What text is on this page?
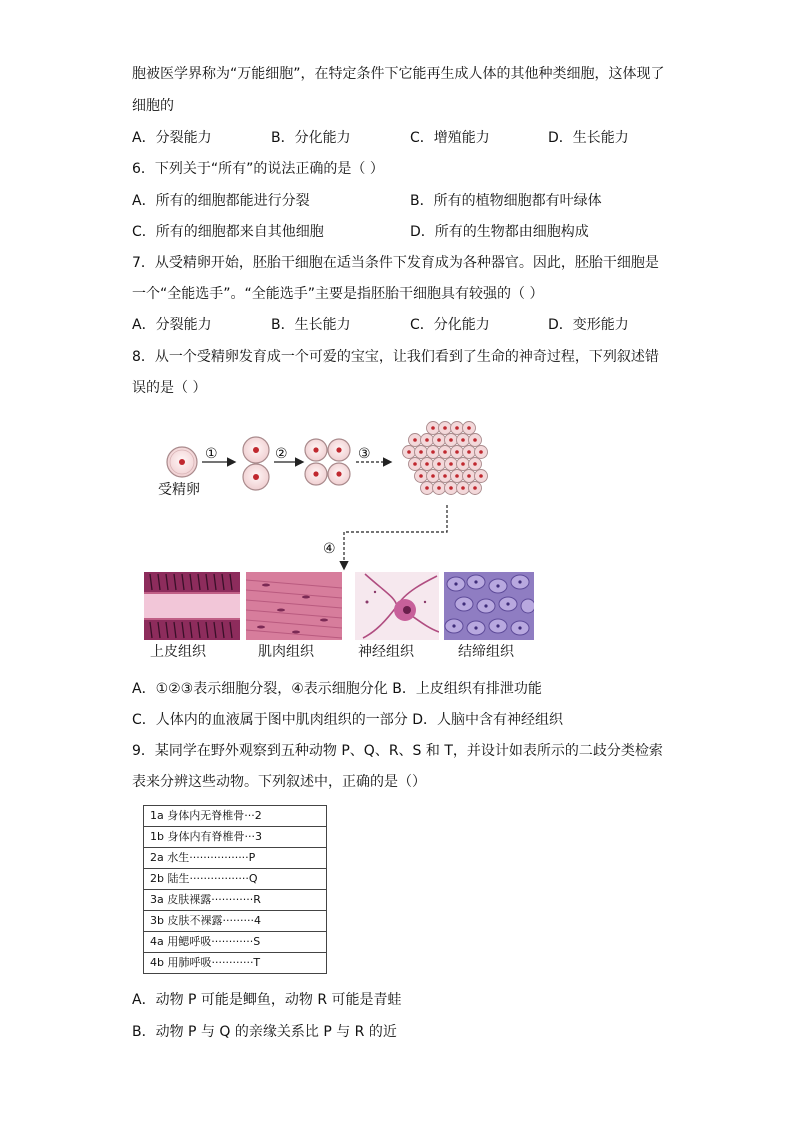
胞被医学界称为“万能细胞”，在特定条件下它能再生成人体的其他种类细胞，这体现了
细胞的
A．分裂能力	B．分化能力	C．增殖能力	D．生长能力
6．下列关于“所有”的说法正确的是（ ）
A．所有的细胞都能进行分裂	B．所有的植物细胞都有叶绿体
C．所有的细胞都来自其他细胞	D．所有的生物都由细胞构成
7．从受精卵开始，胚胎干细胞在适当条件下发育成为各种器官。因此，胚胎干细胞是
一个“全能选手”。“全能选手”主要是指胚胎干细胞具有较强的（ ）
A．分裂能力	B．生长能力	C．分化能力	D．变形能力
8．从一个受精卵发育成一个可爱的宝宝，让我们看到了生命的神奇过程，下列叙述错
误的是（ ）
①	②	③
④
受精卵
上皮组织	肌肉组织	神经组织	结缔组织
A．①②③表示细胞分裂，④表示细胞分化 B．上皮组织有排泄功能
C．人体内的血液属于图中肌肉组织的一部分 D．人脑中含有神经组织
9．某同学在野外观察到五种动物 P、Q、R、S 和 T，并设计如表所示的二歧分类检索
表来分辨这些动物。下列叙述中，正确的是（）
1a 身体内无脊椎骨···2
1b 身体内有脊椎骨···3
2a 水生·················P
2b 陆生·················Q
3a 皮肤裸露············R
3b 皮肤不裸露·········4
4a 用鳃呼吸············S
4b 用肺呼吸············T
A．动物 P 可能是鲫鱼，动物 R 可能是青蛙
B．动物 P 与 Q 的亲缘关系比 P 与 R 的近
